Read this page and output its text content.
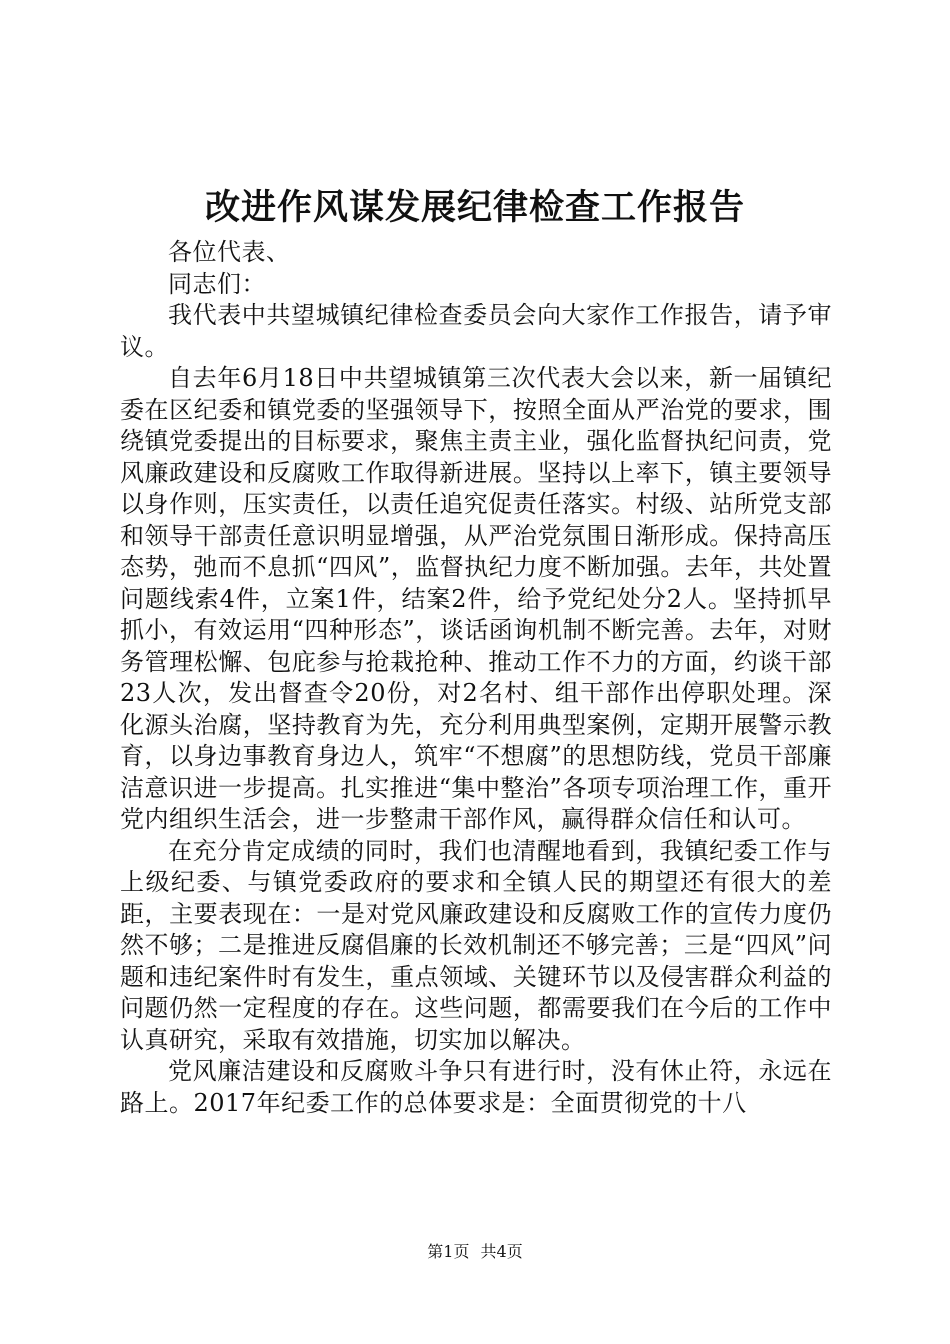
改进作风谋发展纪律检查工作报告

各位代表、

同志们：

我代表中共望城镇纪律检查委员会向大家作工作报告，请予审议。

自去年6月18日中共望城镇第三次代表大会以来，新一届镇纪委在区纪委和镇党委的坚强领导下，按照全面从严治党的要求，围绕镇党委提出的目标要求，聚焦主责主业，强化监督执纪问责，党风廉政建设和反腐败工作取得新进展。坚持以上率下，镇主要领导以身作则，压实责任，以责任追究促责任落实。村级、站所党支部和领导干部责任意识明显增强，从严治党氛围日渐形成。保持高压态势，弛而不息抓“四风”，监督执纪力度不断加强。去年，共处置问题线索4件，立案1件，结案2件，给予党纪处分2人。坚持抓早抓小，有效运用“四种形态”，谈话函询机制不断完善。去年，对财务管理松懈、包庇参与抢栽抢种、推动工作不力的方面，约谈干部23人次，发出督查令20份，对2名村、组干部作出停职处理。深化源头治腐，坚持教育为先，充分利用典型案例，定期开展警示教育，以身边事教育身边人，筑牢“不想腐”的思想防线，党员干部廉洁意识进一步提高。扎实推进“集中整治”各项专项治理工作，重开党内组织生活会，进一步整肃干部作风，赢得群众信任和认可。

在充分肯定成绩的同时，我们也清醒地看到，我镇纪委工作与上级纪委、与镇党委政府的要求和全镇人民的期望还有很大的差距，主要表现在：一是对党风廉政建设和反腐败工作的宣传力度仍然不够；二是推进反腐倡廉的长效机制还不够完善；三是“四风”问题和违纪案件时有发生，重点领域、关键环节以及侵害群众利益的问题仍然一定程度的存在。这些问题，都需要我们在今后的工作中认真研究，采取有效措施，切实加以解决。

党风廉洁建设和反腐败斗争只有进行时，没有休止符，永远在路上。2017年纪委工作的总体要求是：全面贯彻党的十八

第1页 共4页
